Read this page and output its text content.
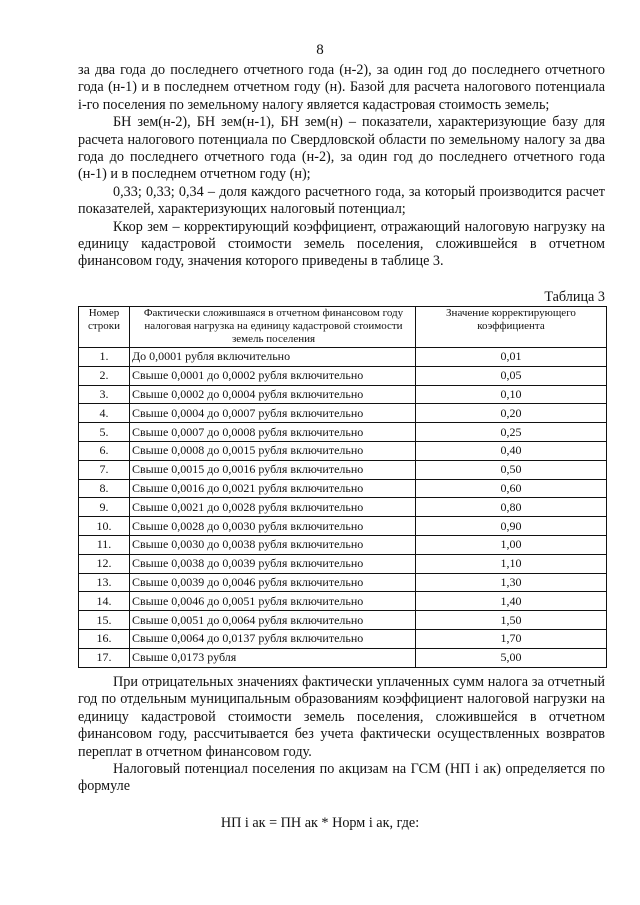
8

за два года до последнего отчетного года (н-2), за один год до последнего отчетного года (н-1) и в последнем отчетном году (н). Базой для расчета налогового потенциала i-го поселения по земельному налогу является кадастровая стоимость земель;

БН зем(н-2), БН зем(н-1), БН зем(н) – показатели, характеризующие базу для расчета налогового потенциала по Свердловской области по земельному налогу за два года до последнего отчетного года (н-2), за один год до последнего отчетного года (н-1) и в последнем отчетном году (н);

0,33; 0,33; 0,34 – доля каждого расчетного года, за который производится расчет показателей, характеризующих налоговый потенциал;

Ккор зем – корректирующий коэффициент, отражающий налоговую нагрузку на единицу кадастровой стоимости земель поселения, сложившейся в отчетном финансовом году, значения которого приведены в таблице 3.

Таблица 3
Номер строки	Фактически сложившаяся в отчетном финансовом году налоговая нагрузка на единицу кадастровой стоимости земель поселения	Значение корректирующего коэффициента
1.	До 0,0001 рубля включительно	0,01
2.	Свыше 0,0001 до 0,0002 рубля включительно	0,05
3.	Свыше 0,0002 до 0,0004 рубля включительно	0,10
4.	Свыше 0,0004 до 0,0007 рубля включительно	0,20
5.	Свыше 0,0007 до 0,0008 рубля включительно	0,25
6.	Свыше 0,0008 до 0,0015 рубля включительно	0,40
7.	Свыше 0,0015 до 0,0016 рубля включительно	0,50
8.	Свыше 0,0016 до 0,0021 рубля включительно	0,60
9.	Свыше 0,0021 до 0,0028 рубля включительно	0,80
10.	Свыше 0,0028 до 0,0030 рубля включительно	0,90
11.	Свыше 0,0030 до 0,0038 рубля включительно	1,00
12.	Свыше 0,0038 до 0,0039 рубля включительно	1,10
13.	Свыше 0,0039 до 0,0046 рубля включительно	1,30
14.	Свыше 0,0046 до 0,0051 рубля включительно	1,40
15.	Свыше 0,0051 до 0,0064 рубля включительно	1,50
16.	Свыше 0,0064 до 0,0137 рубля включительно	1,70
17.	Свыше 0,0173 рубля	5,00

При отрицательных значениях фактически уплаченных сумм налога за отчетный год по отдельным муниципальным образованиям коэффициент налоговой нагрузки на единицу кадастровой стоимости земель поселения, сложившейся в отчетном финансовом году, рассчитывается без учета фактически осуществленных возвратов переплат в отчетном финансовом году.

Налоговый потенциал поселения по акцизам на ГСМ (НП i ак) определяется по формуле

НП i ак = ПН ак * Норм i ак, где:
